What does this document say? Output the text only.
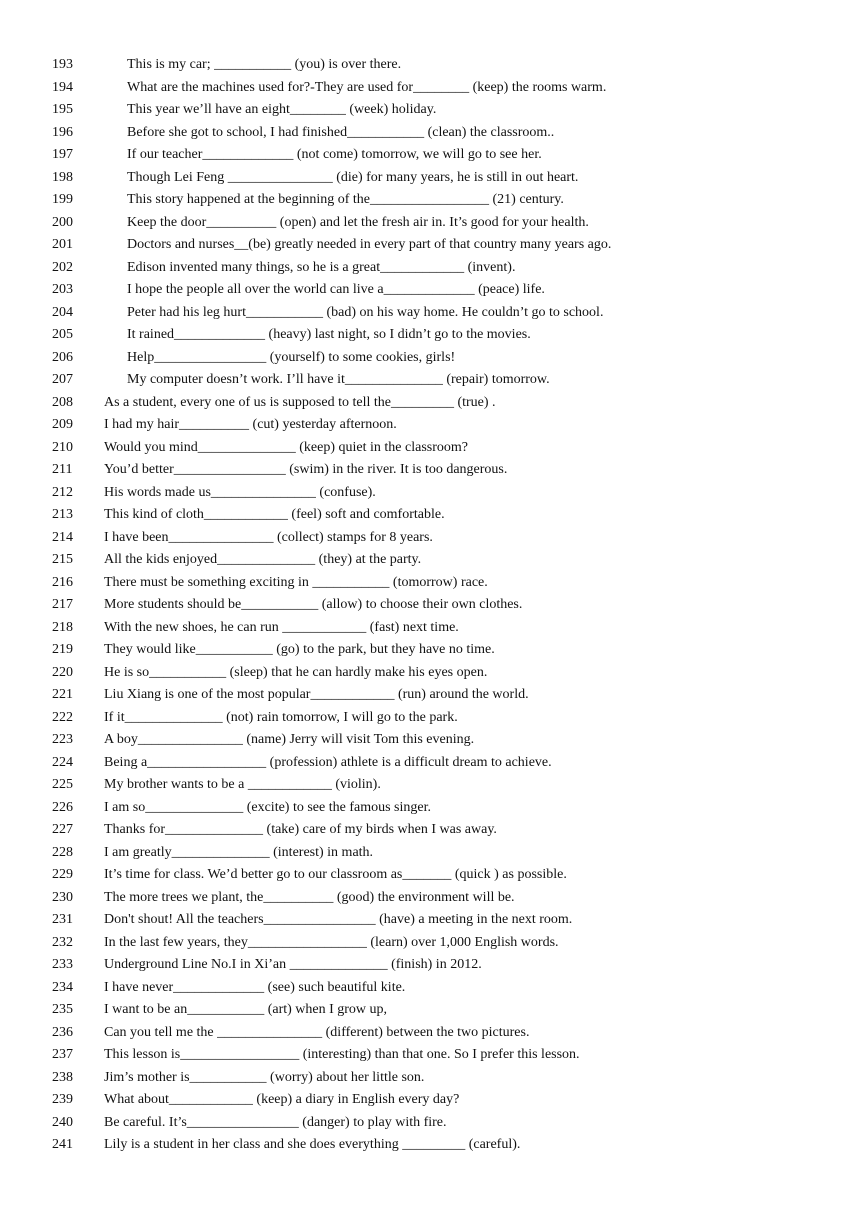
193	This is my car; ___________ (you) is over there.
194	What are the machines used for?-They are used for________ (keep) the rooms warm.
195	This year we’ll have an eight________ (week) holiday.
196	Before she got to school, I had finished___________ (clean) the classroom..
197	If our teacher_____________ (not come) tomorrow, we will go to see her.
198	Though Lei Feng _______________ (die) for many years, he is still in out heart.
199	This story happened at the beginning of the_________________ (21) century.
200	Keep the door__________ (open) and let the fresh air in. It’s good for your health.
201	Doctors and nurses__(be) greatly needed in every part of that country many years ago.
202	Edison invented many things, so he is a great____________ (invent).
203	I hope the people all over the world can live a_____________ (peace) life.
204	Peter had his leg hurt___________ (bad) on his way home. He couldn’t go to school.
205	It rained_____________ (heavy) last night, so I didn’t go to the movies.
206	Help________________ (yourself) to some cookies, girls!
207	My computer doesn’t work. I’ll have it______________ (repair) tomorrow.
208 As a student, every one of us is supposed to tell the_________ (true) .
209 I had my hair__________ (cut) yesterday afternoon.
210 Would you mind______________ (keep) quiet in the classroom?
211 You’d better________________ (swim) in the river. It is too dangerous.
212 His words made us_______________ (confuse).
213 This kind of cloth____________ (feel) soft and comfortable.
214 I have been_______________ (collect) stamps for 8 years.
215 All the kids enjoyed______________ (they) at the party.
216 There must be something exciting in ___________ (tomorrow) race.
217 More students should be___________ (allow) to choose their own clothes.
218 With the new shoes, he can run ____________ (fast) next time.
219 They would like___________ (go) to the park, but they have no time.
220 He is so___________ (sleep) that he can hardly make his eyes open.
221 Liu Xiang is one of the most popular____________ (run) around the world.
222 If it______________ (not) rain tomorrow, I will go to the park.
223 A boy_______________ (name) Jerry will visit Tom this evening.
224 Being a_________________ (profession) athlete is a difficult dream to achieve.
225 My brother wants to be a ____________ (violin).
226 I am so______________ (excite) to see the famous singer.
227 Thanks for______________ (take) care of my birds when I was away.
228 I am greatly______________ (interest) in math.
229 It’s time for class. We’d better go to our classroom as_______ (quick ) as possible.
230 The more trees we plant, the__________ (good) the environment will be.
231 Don't shout! All the teachers________________ (have) a meeting in the next room.
232 In the last few years, they_________________ (learn) over 1,000 English words.
233 Underground Line No.I in Xi’an ______________ (finish) in 2012.
234 I have never_____________ (see) such beautiful kite.
235 I want to be an___________ (art) when I grow up,
236 Can you tell me the _______________ (different) between the two pictures.
237 This lesson is_________________ (interesting) than that one. So I prefer this lesson.
238 Jim’s mother is___________ (worry) about her little son.
239 What about____________ (keep) a diary in English every day?
240 Be careful. It’s________________ (danger) to play with fire.
241 Lily is a student in her class and she does everything _________ (careful).
